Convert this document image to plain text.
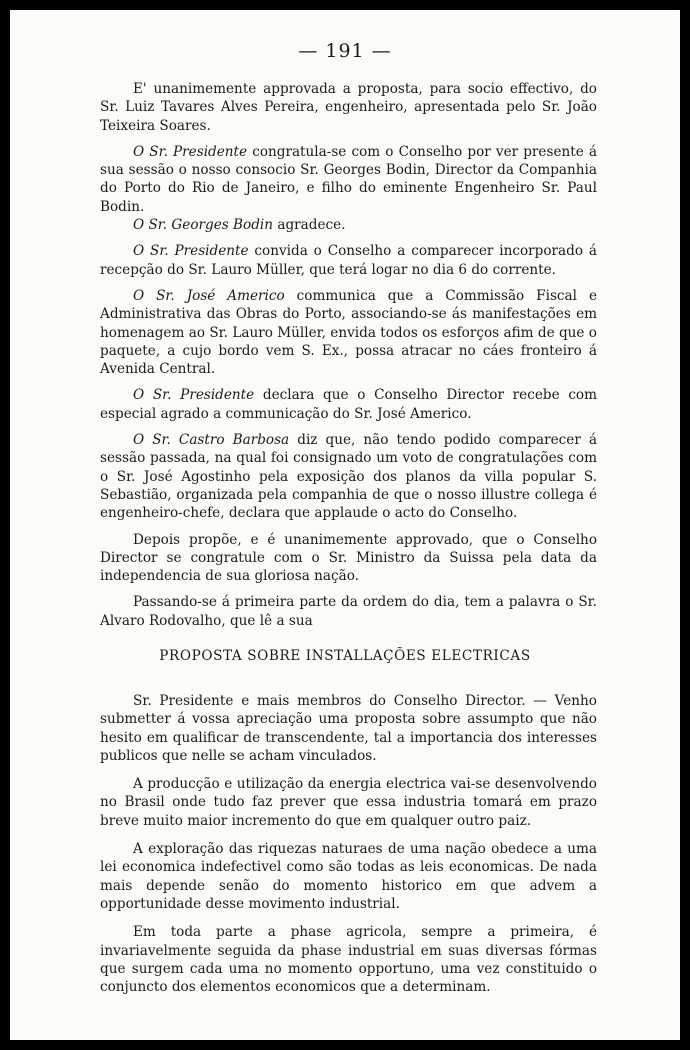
— 191 —

E' unanimemente approvada a proposta, para socio effectivo, do Sr. Luiz Tavares Alves Pereira, engenheiro, apresentada pelo Sr. João Teixeira Soares.

O Sr. Presidente congratula-se com o Conselho por ver presente á sua sessão o nosso consocio Sr. Georges Bodin, Director da Companhia do Porto do Rio de Janeiro, e filho do eminente Engenheiro Sr. Paul Bodin.

O Sr. Georges Bodin agradece.

O Sr. Presidente convida o Conselho a comparecer incorporado á recepção do Sr. Lauro Müller, que terá logar no dia 6 do corrente.

O Sr. José Americo communica que a Commissão Fiscal e Administrativa das Obras do Porto, associando-se ás manifestações em homenagem ao Sr. Lauro Müller, envida todos os esforços afim de que o paquete, a cujo bordo vem S. Ex., possa atracar no cáes fronteiro á Avenida Central.

O Sr. Presidente declara que o Conselho Director recebe com especial agrado a communicação do Sr. José Americo.

O Sr. Castro Barbosa diz que, não tendo podido comparecer á sessão passada, na qual foi consignado um voto de congratulações com o Sr. José Agostinho pela exposição dos planos da villa popular S. Sebastião, organizada pela companhia de que o nosso illustre collega é engenheiro-chefe, declara que applaude o acto do Conselho.

Depois propõe, e é unanimemente approvado, que o Conselho Director se congratule com o Sr. Ministro da Suissa pela data da independencia de sua gloriosa nação.

Passando-se á primeira parte da ordem do dia, tem a palavra o Sr. Alvaro Rodovalho, que lê a sua

PROPOSTA SOBRE INSTALLAÇÕES ELECTRICAS

Sr. Presidente e mais membros do Conselho Director. — Venho submetter á vossa apreciação uma proposta sobre assumpto que não hesito em qualificar de transcendente, tal a importancia dos interesses publicos que nelle se acham vinculados.

A producção e utilização da energia electrica vai-se desenvolvendo no Brasil onde tudo faz prever que essa industria tomará em prazo breve muito maior incremento do que em qualquer outro paiz.

A exploração das riquezas naturaes de uma nação obedece a uma lei economica indefectivel como são todas as leis economicas. De nada mais depende senão do momento historico em que advem a opportunidade desse movimento industrial.

Em toda parte a phase agricola, sempre a primeira, é invariavelmente seguida da phase industrial em suas diversas fórmas que surgem cada uma no momento opportuno, uma vez constituido o conjuncto dos elementos economicos que a determinam.
